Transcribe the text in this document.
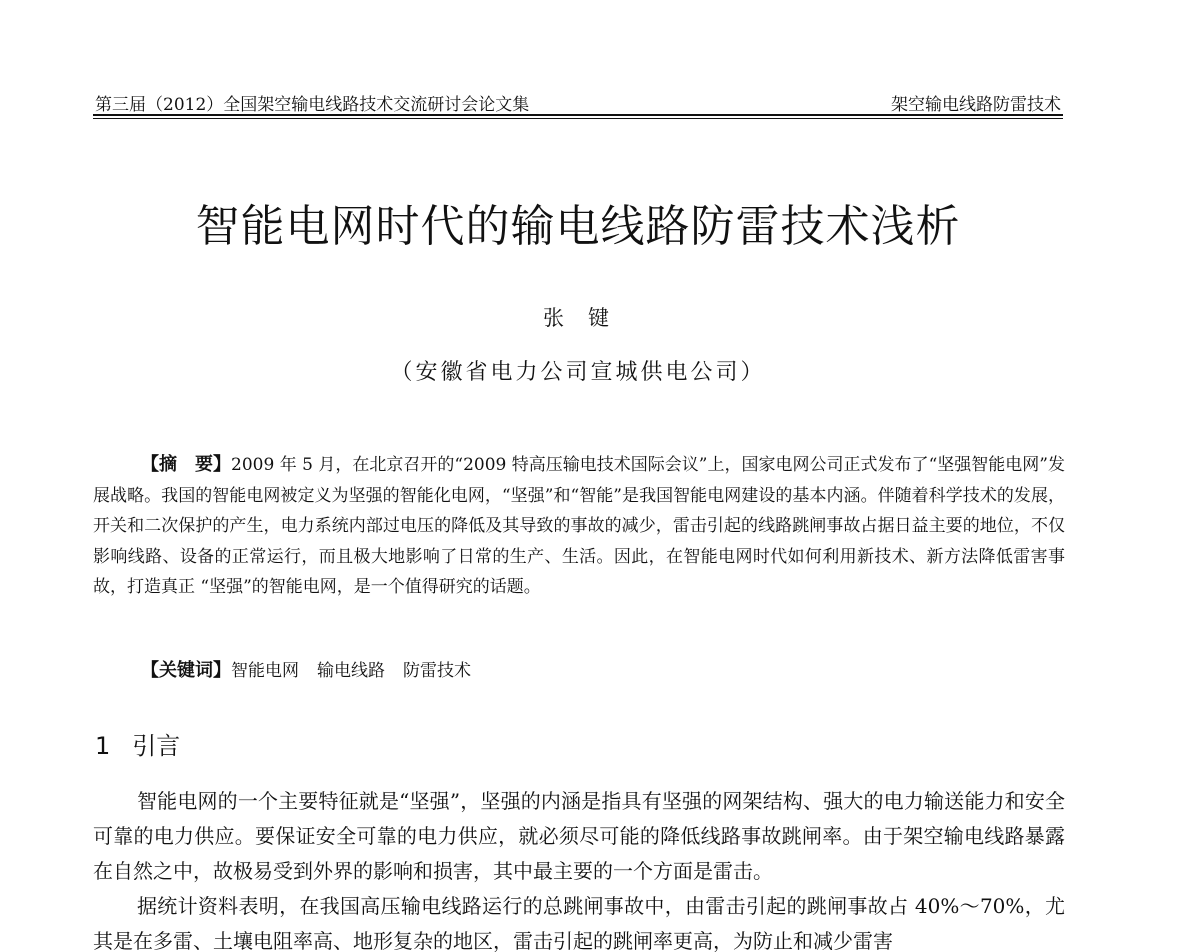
第三届（2012）全国架空输电线路技术交流研讨会论文集	架空输电线路防雷技术
智能电网时代的输电线路防雷技术浅析
张 键
（安徽省电力公司宣城供电公司）

【摘　要】2009 年 5 月，在北京召开的“2009 特高压输电技术国际会议”上，国家电网公司正式发布了“坚强智能电网”发展战略。我国的智能电网被定义为坚强的智能化电网，“坚强”和“智能”是我国智能电网建设的基本内涵。伴随着科学技术的发展，开关和二次保护的产生，电力系统内部过电压的降低及其导致的事故的减少，雷击引起的线路跳闸事故占据日益主要的地位，不仅影响线路、设备的正常运行，而且极大地影响了日常的生产、生活。因此，在智能电网时代如何利用新技术、新方法降低雷害事故，打造真正 “坚强”的智能电网，是一个值得研究的话题。

【关键词】智能电网 输电线路 防雷技术
1 引言

智能电网的一个主要特征就是“坚强”，坚强的内涵是指具有坚强的网架结构、强大的电力输送能力和安全可靠的电力供应。要保证安全可靠的电力供应，就必须尽可能的降低线路事故跳闸率。由于架空输电线路暴露在自然之中，故极易受到外界的影响和损害，其中最主要的一个方面是雷击。

据统计资料表明，在我国高压输电线路运行的总跳闸事故中，由雷击引起的跳闸事故占 40%～70%，尤其是在多雷、土壤电阻率高、地形复杂的地区，雷击引起的跳闸率更高，为防止和减少雷害
